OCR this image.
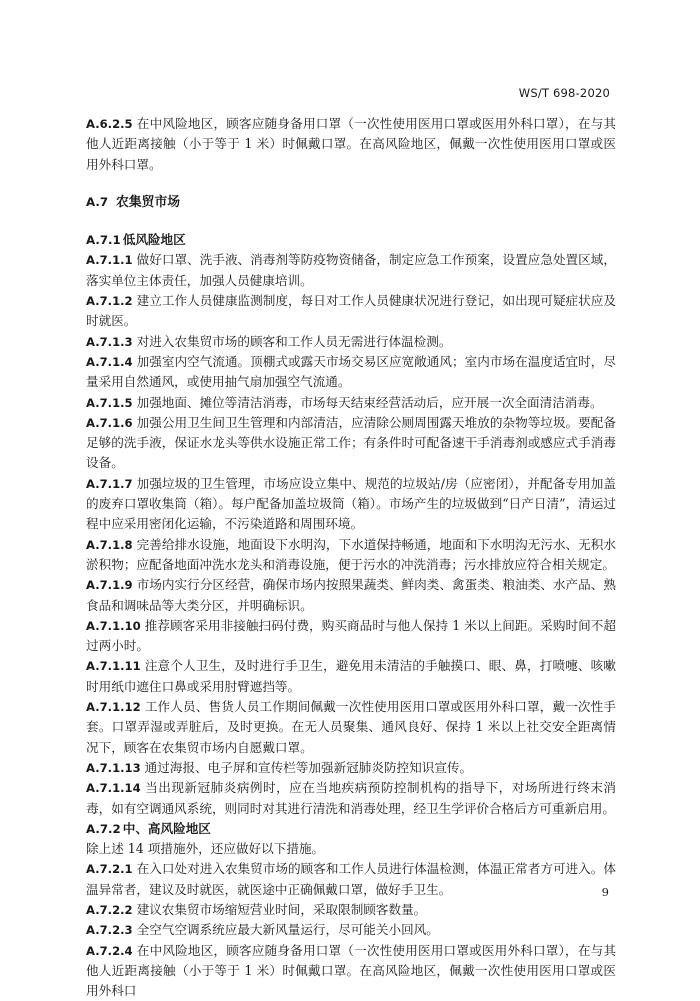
WS/T 698-2020
A.6.2.5 在中风险地区，顾客应随身备用口罩（一次性使用医用口罩或医用外科口罩），在与其他人近距离接触（小于等于 1 米）时佩戴口罩。在高风险地区，佩戴一次性使用医用口罩或医用外科口罩。
A.7 农集贸市场
A.7.1 低风险地区
A.7.1.1 做好口罩、洗手液、消毒剂等防疫物资储备，制定应急工作预案，设置应急处置区域，落实单位主体责任，加强人员健康培训。
A.7.1.2 建立工作人员健康监测制度，每日对工作人员健康状况进行登记，如出现可疑症状应及时就医。
A.7.1.3 对进入农集贸市场的顾客和工作人员无需进行体温检测。
A.7.1.4 加强室内空气流通。顶棚式或露天市场交易区应宽敞通风；室内市场在温度适宜时，尽量采用自然通风，或使用抽气扇加强空气流通。
A.7.1.5 加强地面、摊位等清洁消毒，市场每天结束经营活动后，应开展一次全面清洁消毒。
A.7.1.6 加强公用卫生间卫生管理和内部清洁，应清除公厕周围露天堆放的杂物等垃圾。要配备足够的洗手液，保证水龙头等供水设施正常工作；有条件时可配备速干手消毒剂或感应式手消毒设备。
A.7.1.7 加强垃圾的卫生管理，市场应设立集中、规范的垃圾站/房（应密闭），并配备专用加盖的废弃口罩收集筒（箱）。每户配备加盖垃圾筒（箱）。市场产生的垃圾做到“日产日清”，清运过程中应采用密闭化运输，不污染道路和周围环境。
A.7.1.8 完善给排水设施，地面设下水明沟，下水道保持畅通，地面和下水明沟无污水、无积水淤积物；应配备地面冲洗水龙头和消毒设施，便于污水的冲洗消毒；污水排放应符合相关规定。
A.7.1.9 市场内实行分区经营，确保市场内按照果蔬类、鲜肉类、禽蛋类、粮油类、水产品、熟食品和调味品等大类分区，并明确标识。
A.7.1.10 推荐顾客采用非接触扫码付费，购买商品时与他人保持 1 米以上间距。采购时间不超过两小时。
A.7.1.11 注意个人卫生，及时进行手卫生，避免用未清洁的手触摸口、眼、鼻，打喷嚏、咳嗽时用纸巾遮住口鼻或采用肘臂遮挡等。
A.7.1.12 工作人员、售货人员工作期间佩戴一次性使用医用口罩或医用外科口罩，戴一次性手套。口罩弄湿或弄脏后，及时更换。在无人员聚集、通风良好、保持 1 米以上社交安全距离情况下，顾客在农集贸市场内自愿戴口罩。
A.7.1.13 通过海报、电子屏和宣传栏等加强新冠肺炎防控知识宣传。
A.7.1.14 当出现新冠肺炎病例时，应在当地疾病预防控制机构的指导下，对场所进行终末消毒，如有空调通风系统，则同时对其进行清洗和消毒处理，经卫生学评价合格后方可重新启用。
A.7.2 中、高风险地区
除上述 14 项措施外，还应做好以下措施。
A.7.2.1 在入口处对进入农集贸市场的顾客和工作人员进行体温检测，体温正常者方可进入。体温异常者，建议及时就医，就医途中正确佩戴口罩，做好手卫生。
A.7.2.2 建议农集贸市场缩短营业时间，采取限制顾客数量。
A.7.2.3 全空气空调系统应最大新风量运行，尽可能关小回风。
A.7.2.4 在中风险地区，顾客应随身备用口罩（一次性使用医用口罩或医用外科口罩），在与其他人近距离接触（小于等于 1 米）时佩戴口罩。在高风险地区，佩戴一次性使用医用口罩或医用外科口
9
